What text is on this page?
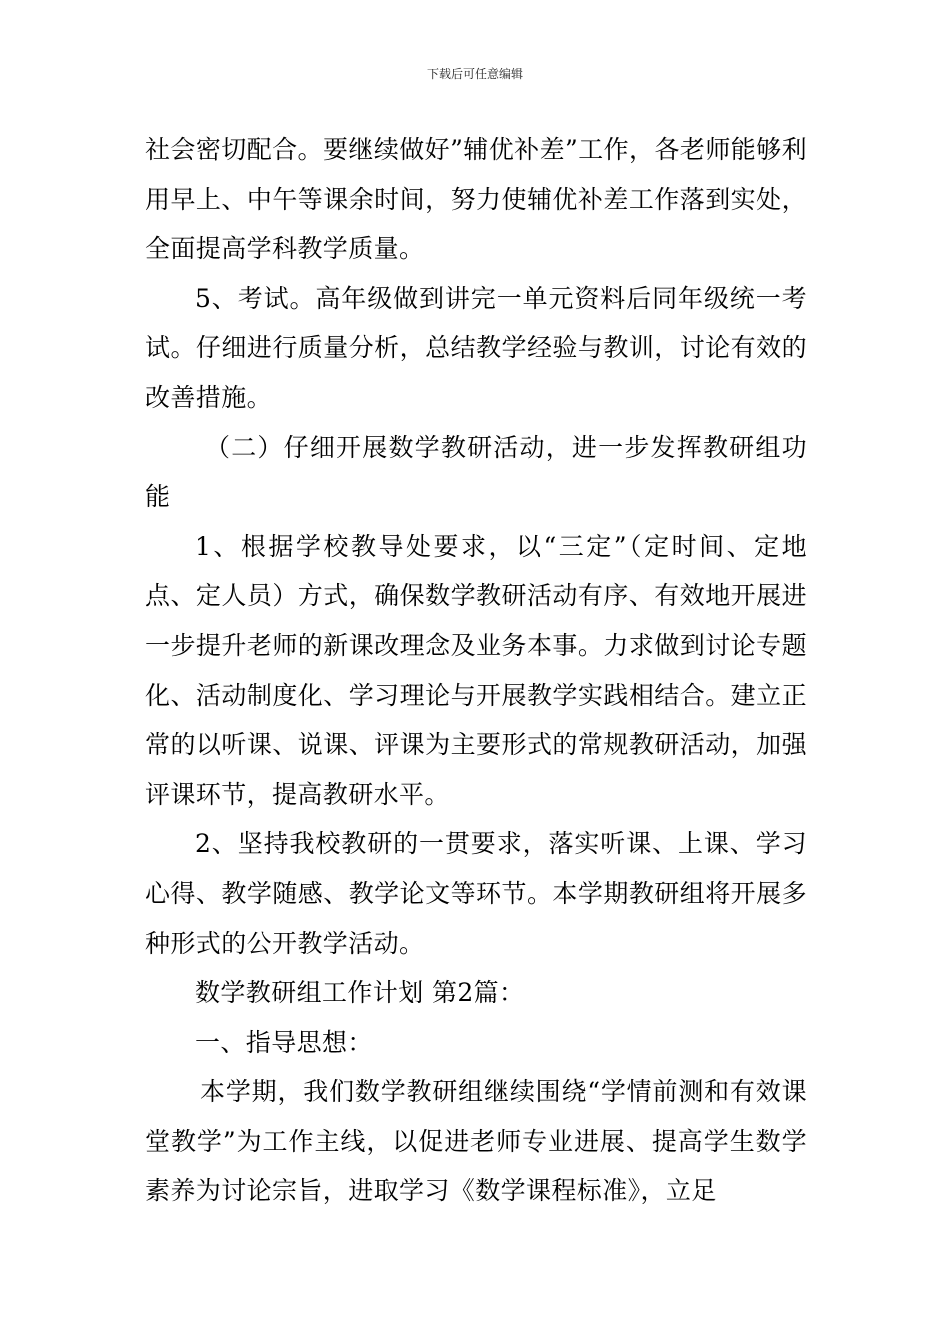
下载后可任意编辑

社会密切配合。要继续做好”辅优补差”工作，各老师能够利用早上、中午等课余时间，努力使辅优补差工作落到实处，全面提高学科教学质量。

5、考试。高年级做到讲完一单元资料后同年级统一考试。仔细进行质量分析，总结教学经验与教训，讨论有效的改善措施。

（二）仔细开展数学教研活动，进一步发挥教研组功能

1、根据学校教导处要求，以“三定”（定时间、定地点、定人员）方式，确保数学教研活动有序、有效地开展进一步提升老师的新课改理念及业务本事。力求做到讨论专题化、活动制度化、学习理论与开展教学实践相结合。建立正常的以听课、说课、评课为主要形式的常规教研活动，加强评课环节，提高教研水平。

2、坚持我校教研的一贯要求，落实听课、上课、学习心得、教学随感、教学论文等环节。本学期教研组将开展多种形式的公开教学活动。

数学教研组工作计划 第2篇：

一、指导思想：

本学期，我们数学教研组继续围绕“学情前测和有效课堂教学”为工作主线，以促进老师专业进展、提高学生数学素养为讨论宗旨，进取学习《数学课程标准》，立足
